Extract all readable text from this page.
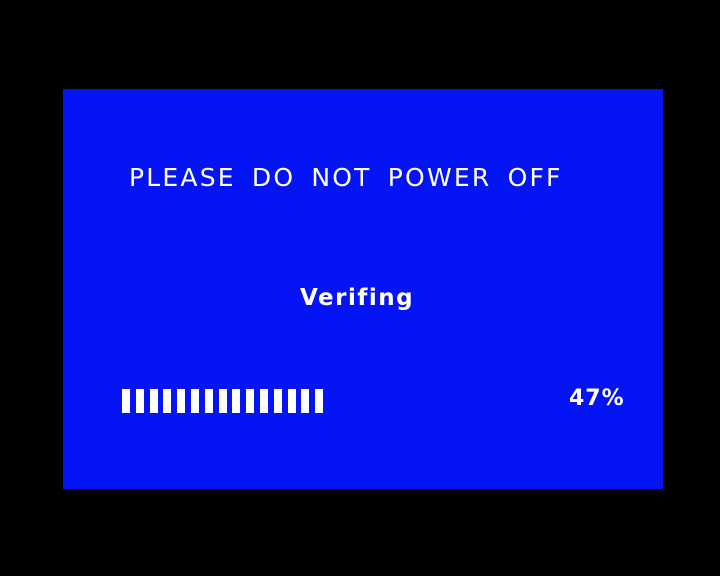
PLEASE DO NOT POWER OFF

Verifing

47%
